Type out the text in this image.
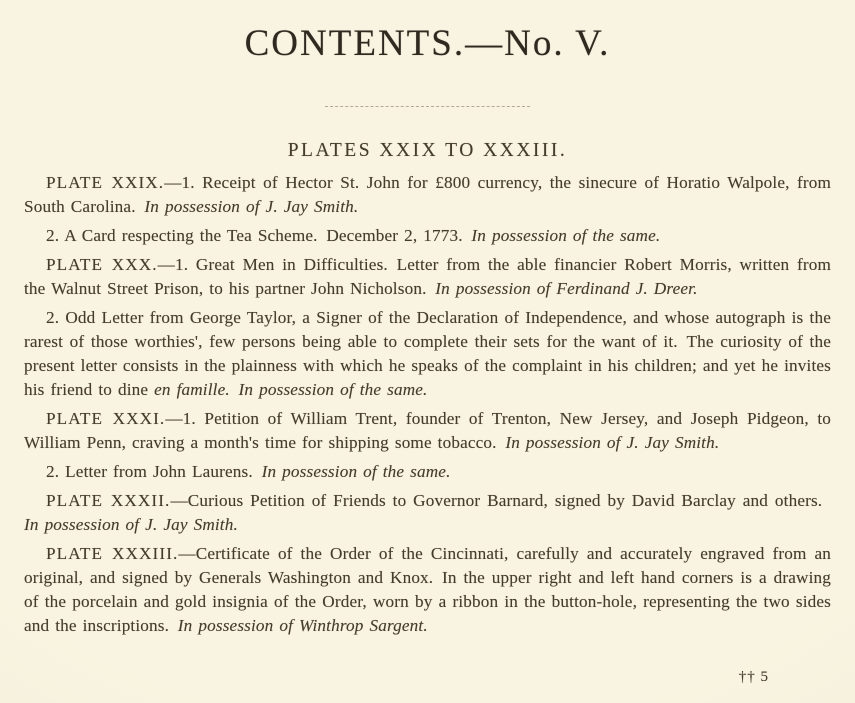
CONTENTS.—No. V.
PLATES XXIX TO XXXIII.

PLATE XXIX.—1. Receipt of Hector St. John for £800 currency, the sinecure of Horatio Walpole, from South Carolina. In possession of J. Jay Smith.

2. A Card respecting the Tea Scheme. December 2, 1773. In possession of the same.

PLATE XXX.—1. Great Men in Difficulties. Letter from the able financier Robert Morris, written from the Walnut Street Prison, to his partner John Nicholson. In possession of Ferdinand J. Dreer.

2. Odd Letter from George Taylor, a Signer of the Declaration of Independence, and whose autograph is the rarest of those worthies', few persons being able to complete their sets for the want of it. The curiosity of the present letter consists in the plainness with which he speaks of the complaint in his children; and yet he invites his friend to dine en famille. In possession of the same.

PLATE XXXI.—1. Petition of William Trent, founder of Trenton, New Jersey, and Joseph Pidgeon, to William Penn, craving a month's time for shipping some tobacco. In possession of J. Jay Smith.

2. Letter from John Laurens. In possession of the same.

PLATE XXXII.—Curious Petition of Friends to Governor Barnard, signed by David Barclay and others. In possession of J. Jay Smith.

PLATE XXXIII.—Certificate of the Order of the Cincinnati, carefully and accurately engraved from an original, and signed by Generals Washington and Knox. In the upper right and left hand corners is a drawing of the porcelain and gold insignia of the Order, worn by a ribbon in the button-hole, representing the two sides and the inscriptions. In possession of Winthrop Sargent.

†† 5
